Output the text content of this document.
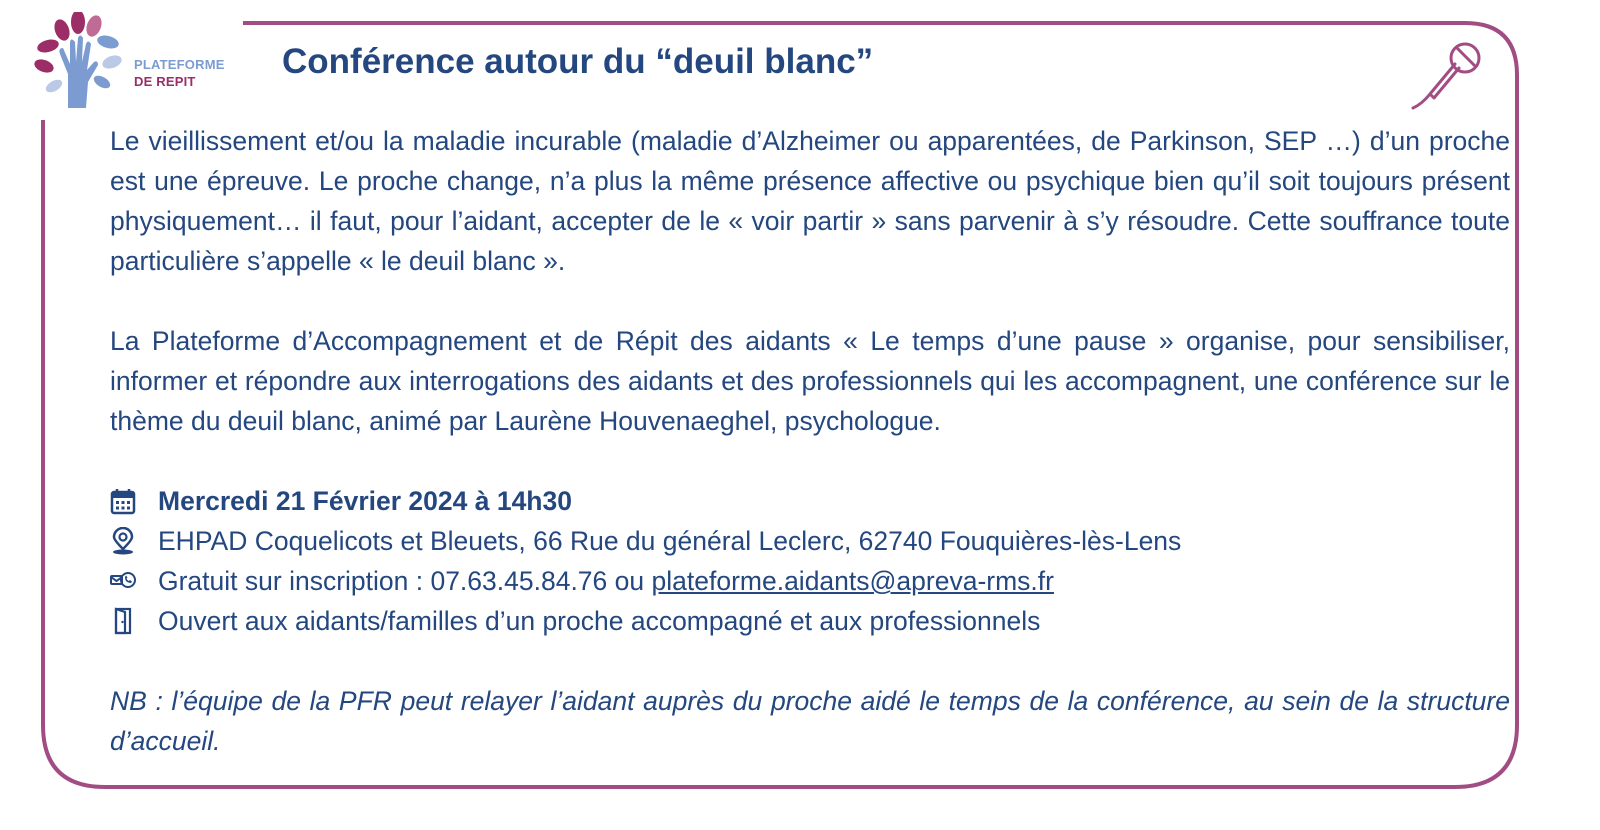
PLATEFORME
DE REPIT
Conférence autour du “deuil blanc”

Le vieillissement et/ou la maladie incurable (maladie d’Alzheimer ou apparentées, de Parkinson, SEP …) d’un proche est une épreuve. Le proche change, n’a plus la même présence affective ou psychique bien qu’il soit toujours présent physiquement… il faut, pour l’aidant, accepter de le « voir partir » sans parvenir à s’y résoudre. Cette souffrance toute particulière s’appelle « le deuil blanc ».

La Plateforme d’Accompagnement et de Répit des aidants « Le temps d’une pause » organise, pour sensibiliser, informer et répondre aux interrogations des aidants et des professionnels qui les accompagnent, une conférence sur le thème du deuil blanc, animé par Laurène Houvenaeghel, psychologue.

Mercredi 21 Février 2024 à 14h30
EHPAD Coquelicots et Bleuets, 66 Rue du général Leclerc, 62740 Fouquières-lès-Lens
Gratuit sur inscription : 07.63.45.84.76 ou plateforme.aidants@apreva-rms.fr
Ouvert aux aidants/familles d’un proche accompagné et aux professionnels

NB : l’équipe de la PFR peut relayer l’aidant auprès du proche aidé le temps de la conférence, au sein de la structure d’accueil.
